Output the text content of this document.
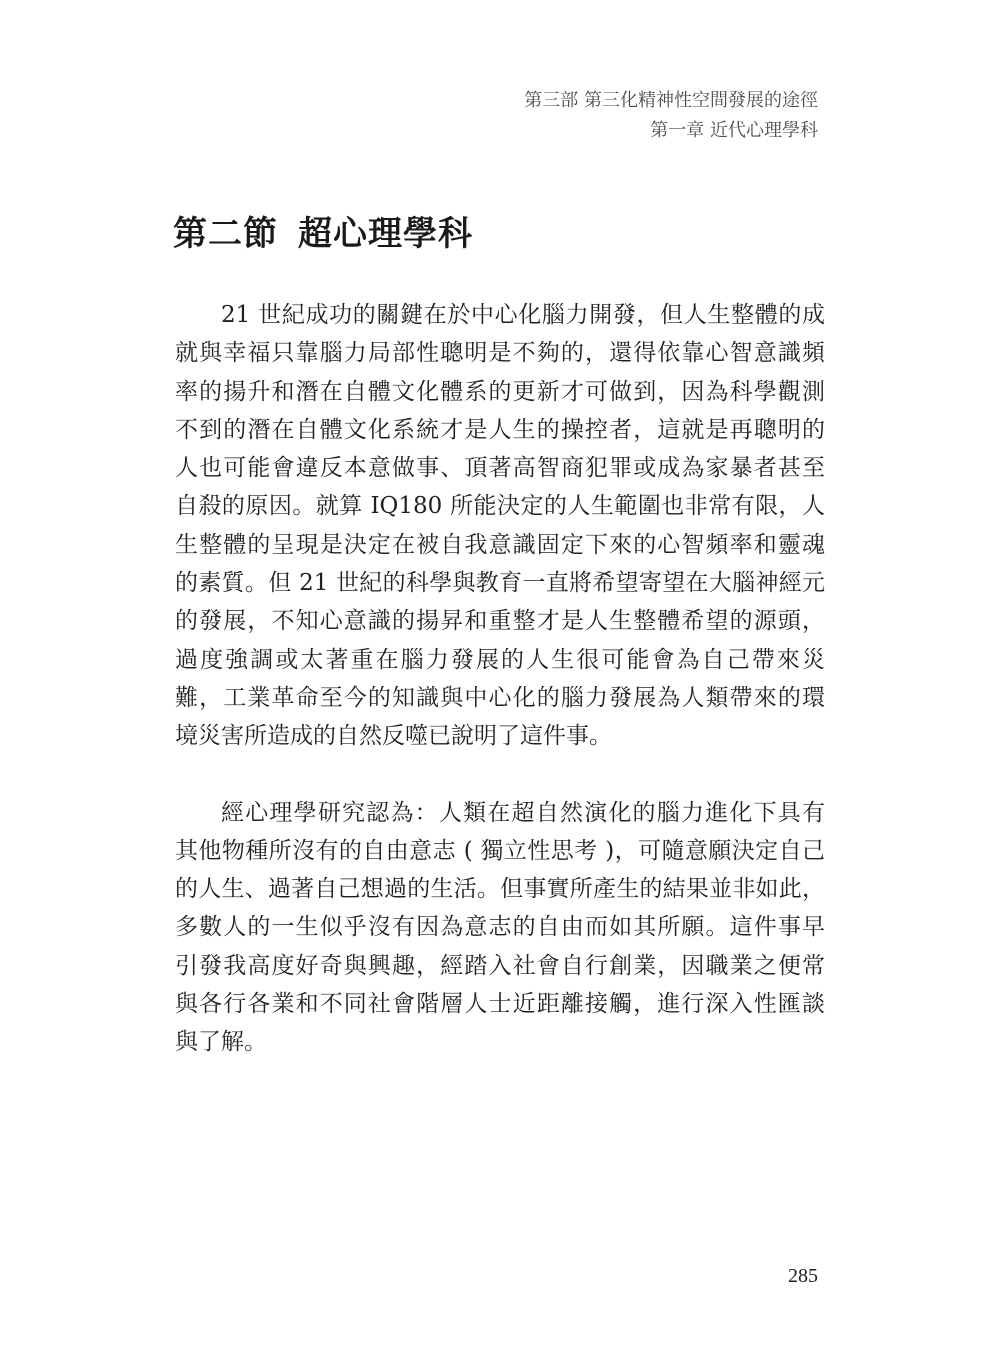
第三部 第三化精神性空間發展的途徑
第一章 近代心理學科
第二節 超心理學科
21 世紀成功的關鍵在於中心化腦力開發，但人生整體的成
就與幸福只靠腦力局部性聰明是不夠的，還得依靠心智意識頻
率的揚升和潛在自體文化體系的更新才可做到，因為科學觀測
不到的潛在自體文化系統才是人生的操控者，這就是再聰明的
人也可能會違反本意做事、頂著高智商犯罪或成為家暴者甚至
自殺的原因。就算 IQ180 所能決定的人生範圍也非常有限，人
生整體的呈現是決定在被自我意識固定下來的心智頻率和靈魂
的素質。但 21 世紀的科學與教育一直將希望寄望在大腦神經元
的發展，不知心意識的揚昇和重整才是人生整體希望的源頭，
過度強調或太著重在腦力發展的人生很可能會為自己帶來災
難，工業革命至今的知識與中心化的腦力發展為人類帶來的環
境災害所造成的自然反噬已說明了這件事。
經心理學研究認為：人類在超自然演化的腦力進化下具有
其他物種所沒有的自由意志 ( 獨立性思考 )，可隨意願決定自己
的人生、過著自己想過的生活。但事實所產生的結果並非如此，
多數人的一生似乎沒有因為意志的自由而如其所願。這件事早
引發我高度好奇與興趣，經踏入社會自行創業，因職業之便常
與各行各業和不同社會階層人士近距離接觸，進行深入性匯談
與了解。
285
